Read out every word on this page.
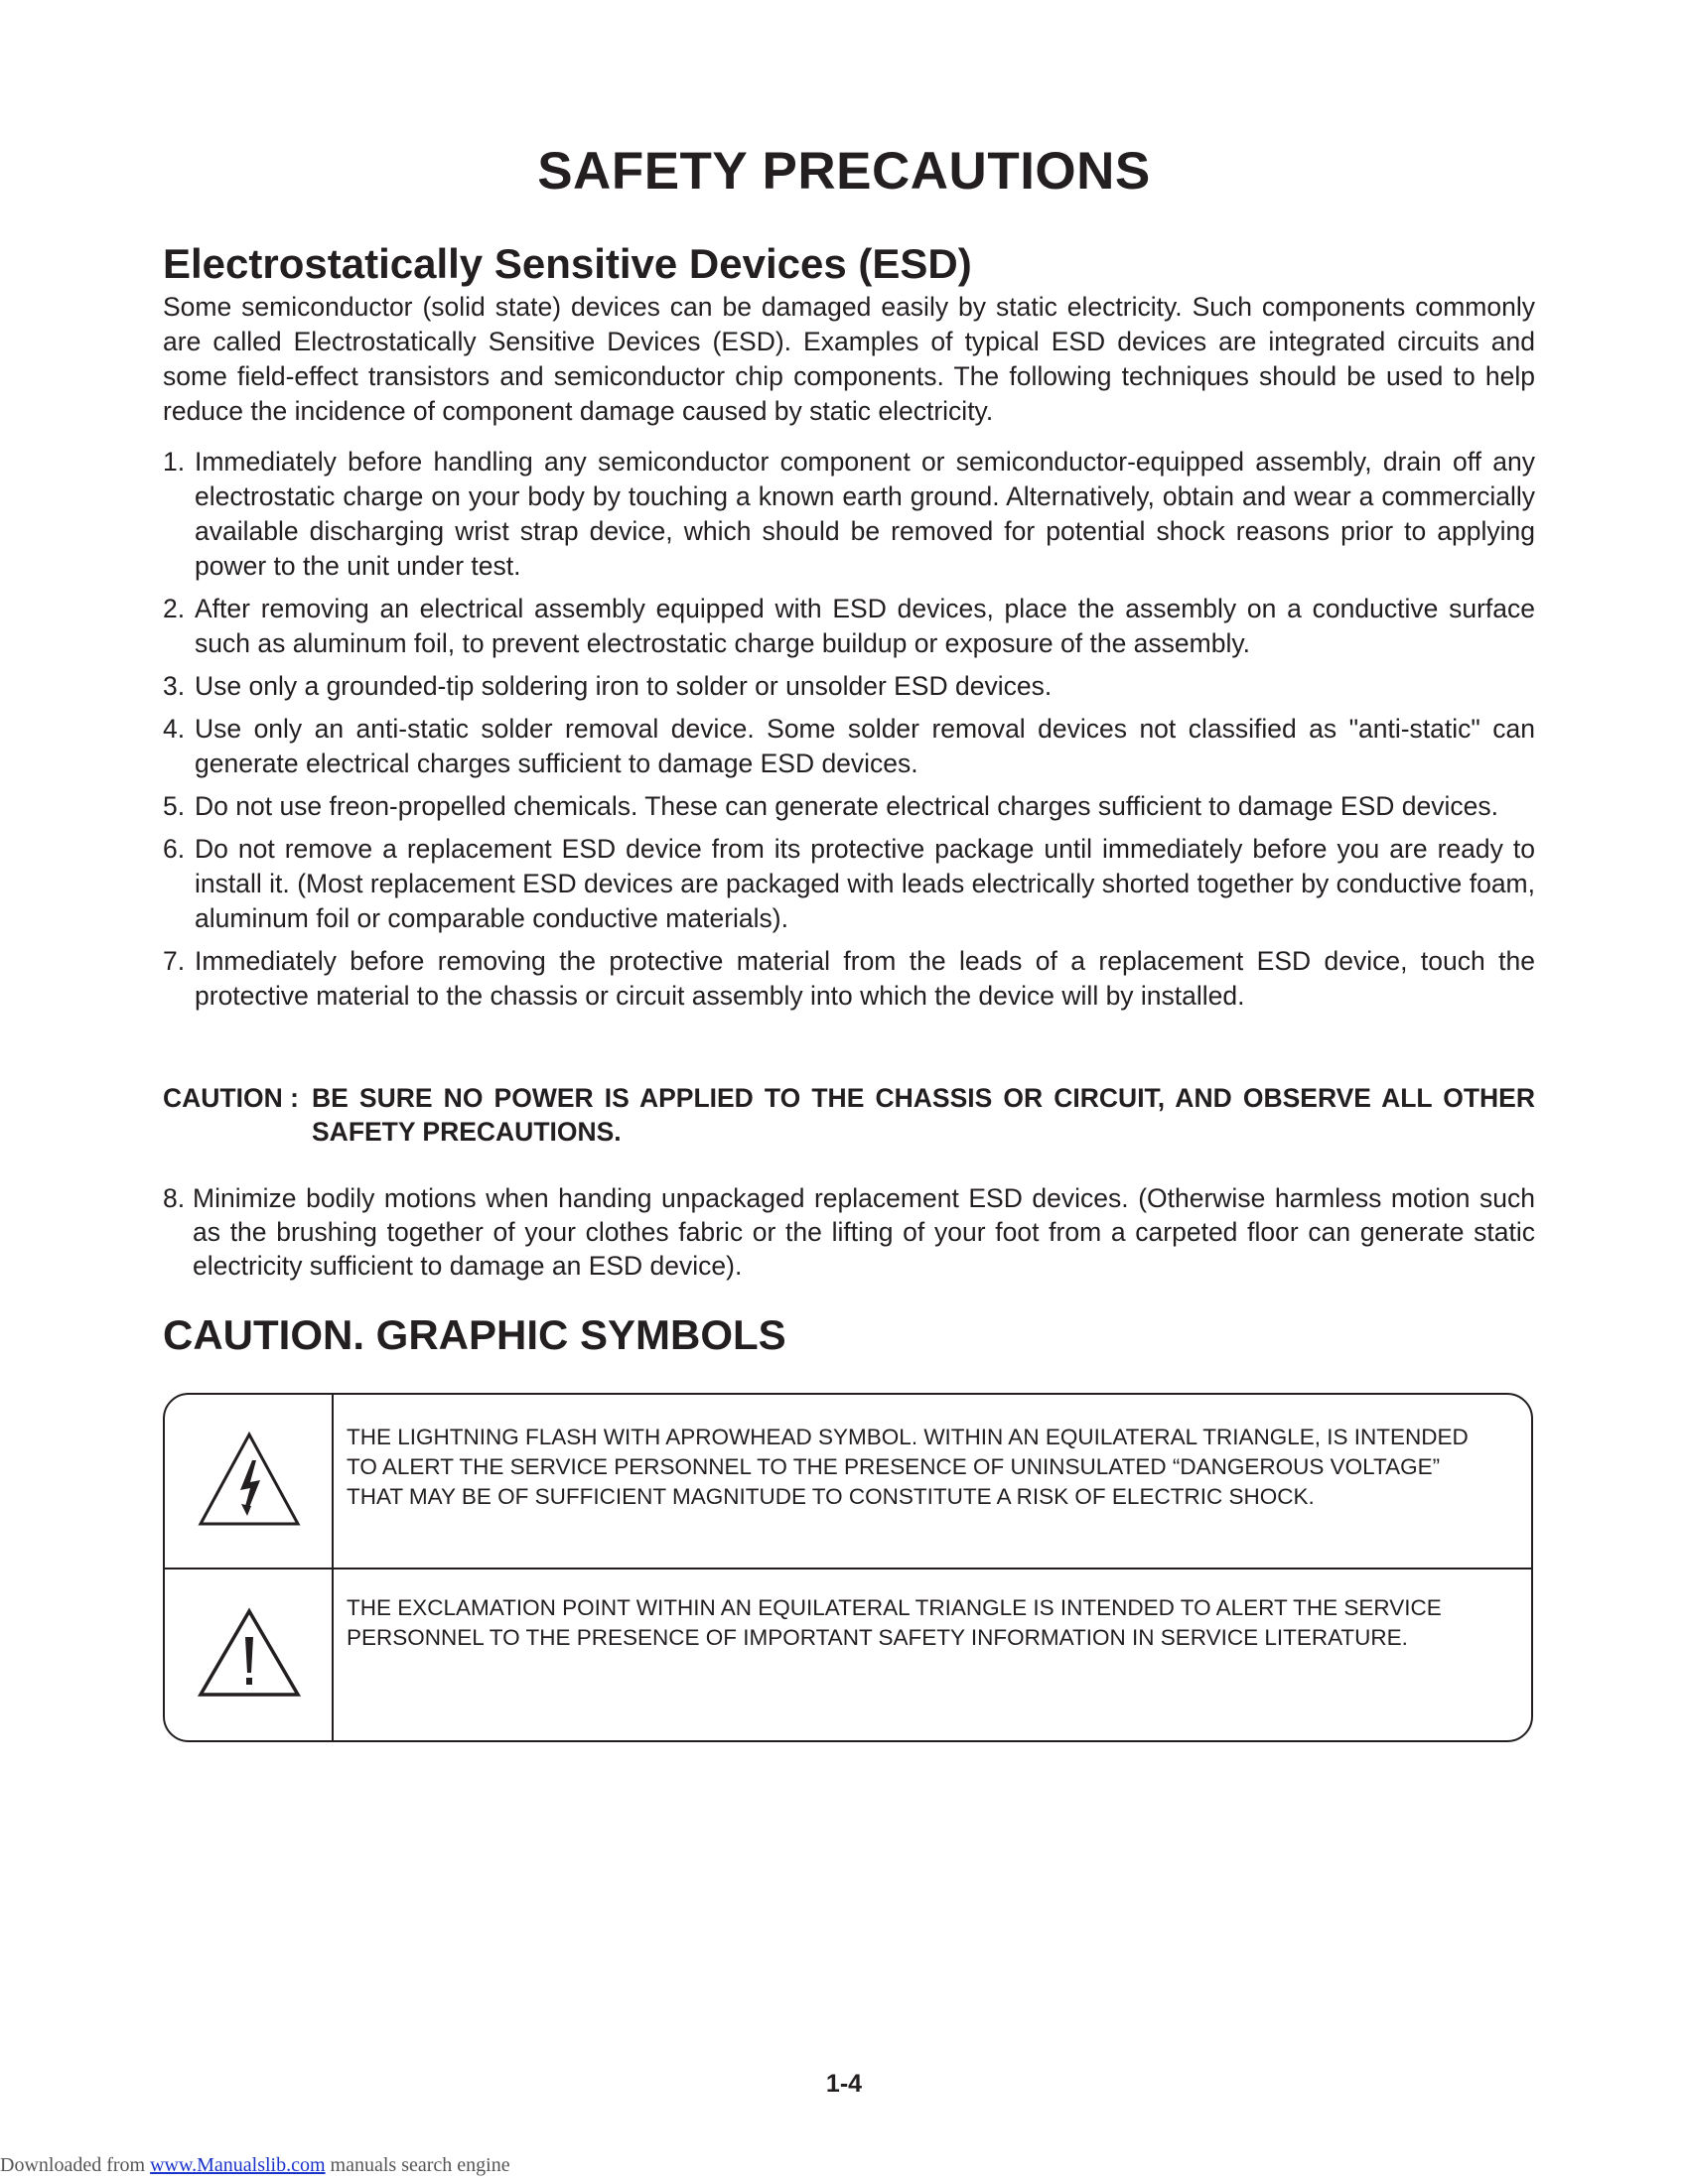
SAFETY PRECAUTIONS
Electrostatically Sensitive Devices (ESD)

Some semiconductor (solid state) devices can be damaged easily by static electricity. Such components commonly are called Electrostatically Sensitive Devices (ESD). Examples of typical ESD devices are integrated circuits and some field-effect transistors and semiconductor chip components. The following techniques should be used to help reduce the incidence of component damage caused by static electricity.

1. Immediately before handling any semiconductor component or semiconductor-equipped assembly, drain off any electrostatic charge on your body by touching a known earth ground. Alternatively, obtain and wear a commercially available discharging wrist strap device, which should be removed for potential shock reasons prior to applying power to the unit under test.
2. After removing an electrical assembly equipped with ESD devices, place the assembly on a conductive surface such as aluminum foil, to prevent electrostatic charge buildup or exposure of the assembly.
3. Use only a grounded-tip soldering iron to solder or unsolder ESD devices.
4. Use only an anti-static solder removal device. Some solder removal devices not classified as "anti-static" can generate electrical charges sufficient to damage ESD devices.
5. Do not use freon-propelled chemicals. These can generate electrical charges sufficient to damage ESD devices.
6. Do not remove a replacement ESD device from its protective package until immediately before you are ready to install it. (Most replacement ESD devices are packaged with leads electrically shorted together by conductive foam, aluminum foil or comparable conductive materials).
7. Immediately before removing the protective material from the leads of a replacement ESD device, touch the protective material to the chassis or circuit assembly into which the device will by installed.
CAUTION : BE SURE NO POWER IS APPLIED TO THE CHASSIS OR CIRCUIT, AND OBSERVE ALL OTHER SAFETY PRECAUTIONS.
8. Minimize bodily motions when handing unpackaged replacement ESD devices. (Otherwise harmless motion such as the brushing together of your clothes fabric or the lifting of your foot from a carpeted floor can generate static electricity sufficient to damage an ESD device).
CAUTION. GRAPHIC SYMBOLS
THE LIGHTNING FLASH WITH APROWHEAD SYMBOL. WITHIN AN EQUILATERAL TRIANGLE, IS INTENDED TO ALERT THE SERVICE PERSONNEL TO THE PRESENCE OF UNINSULATED “DANGEROUS VOLTAGE” THAT MAY BE OF SUFFICIENT MAGNITUDE TO CONSTITUTE A RISK OF ELECTRIC SHOCK.
THE EXCLAMATION POINT WITHIN AN EQUILATERAL TRIANGLE IS INTENDED TO ALERT THE SERVICE PERSONNEL TO THE PRESENCE OF IMPORTANT SAFETY INFORMATION IN SERVICE LITERATURE.
1-4
Downloaded from www.Manualslib.com manuals search engine
